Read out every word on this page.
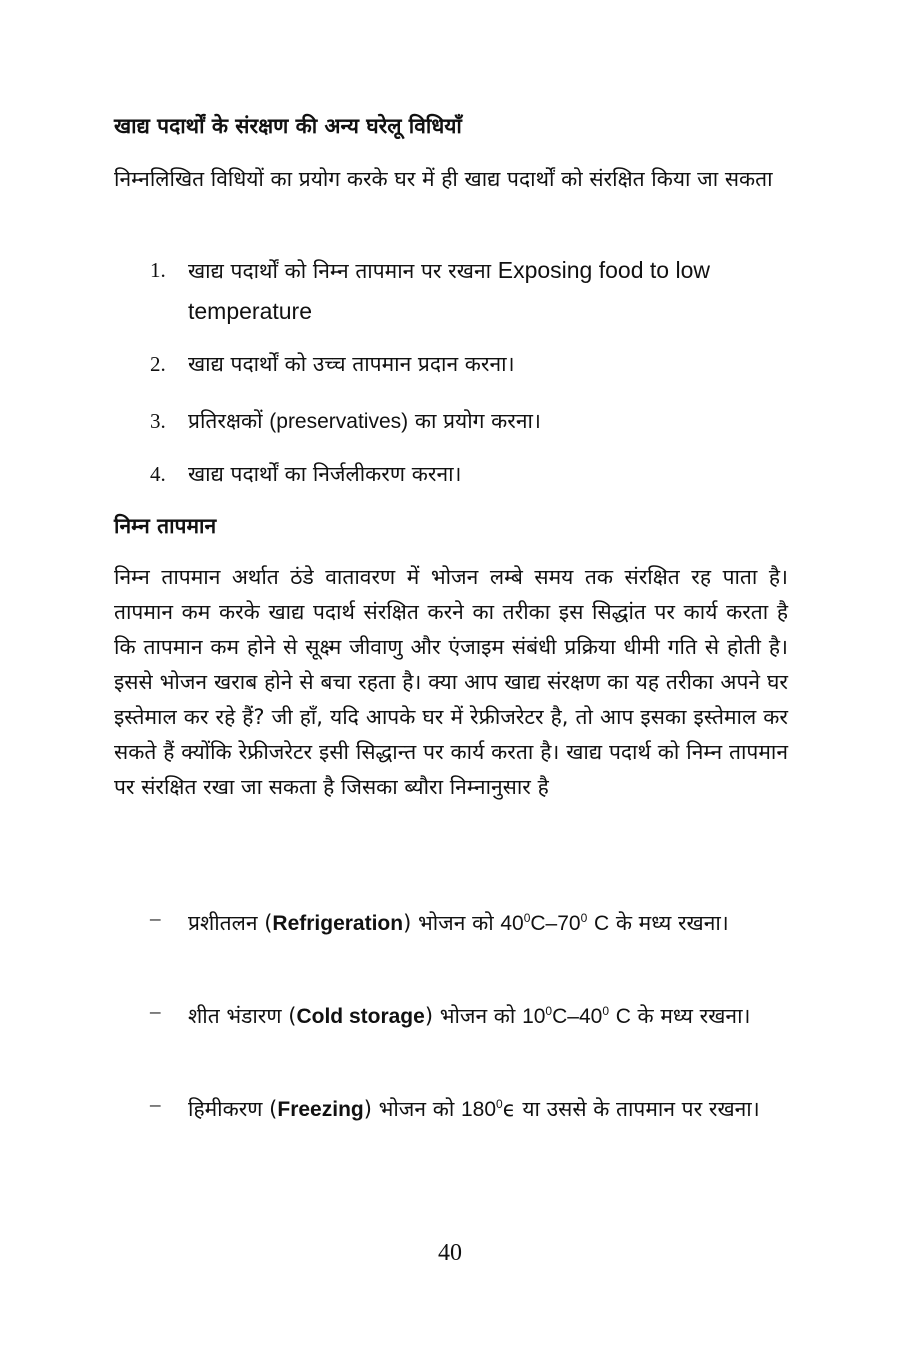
खाद्य पदार्थों के संरक्षण की अन्य घरेलू विधियाँ

निम्नलिखित विधियों का प्रयोग करके घर में ही खाद्य पदार्थों को संरक्षित किया जा सकता

1. खाद्य पदार्थों को निम्न तापमान पर रखना Exposing food to low temperature
2. खाद्य पदार्थों को उच्च तापमान प्रदान करना।
3. प्रतिरक्षकों (preservatives) का प्रयोग करना।
4. खाद्य पदार्थों का निर्जलीकरण करना।
निम्न तापमान

निम्न तापमान अर्थात ठंडे वातावरण में भोजन लम्बे समय तक संरक्षित रह पाता है। तापमान कम करके खाद्य पदार्थ संरक्षित करने का तरीका इस सिद्धांत पर कार्य करता है कि तापमान कम होने से सूक्ष्म जीवाणु और एंजाइम संबंधी प्रक्रिया धीमी गति से होती है। इससे भोजन खराब होने से बचा रहता है। क्या आप खाद्य संरक्षण का यह तरीका अपने घर इस्तेमाल कर रहे हैं? जी हाँ, यदि आपके घर में रेफ्रीजरेटर है, तो आप इसका इस्तेमाल कर सकते हैं क्योंकि रेफ्रीजरेटर इसी सिद्धान्त पर कार्य करता है। खाद्य पदार्थ को निम्न तापमान पर संरक्षित रखा जा सकता है जिसका ब्यौरा निम्नानुसार है

– प्रशीतलन (Refrigeration) भोजन को $40^0C-70^0$ C के मध्य रखना।
– शीत भंडारण (Cold storage) भोजन को $10^0C-40^0$ C के मध्य रखना।
– हिमीकरण (Freezing) भोजन को $180^0\epsilon$ या उससे के तापमान पर रखना।
40
